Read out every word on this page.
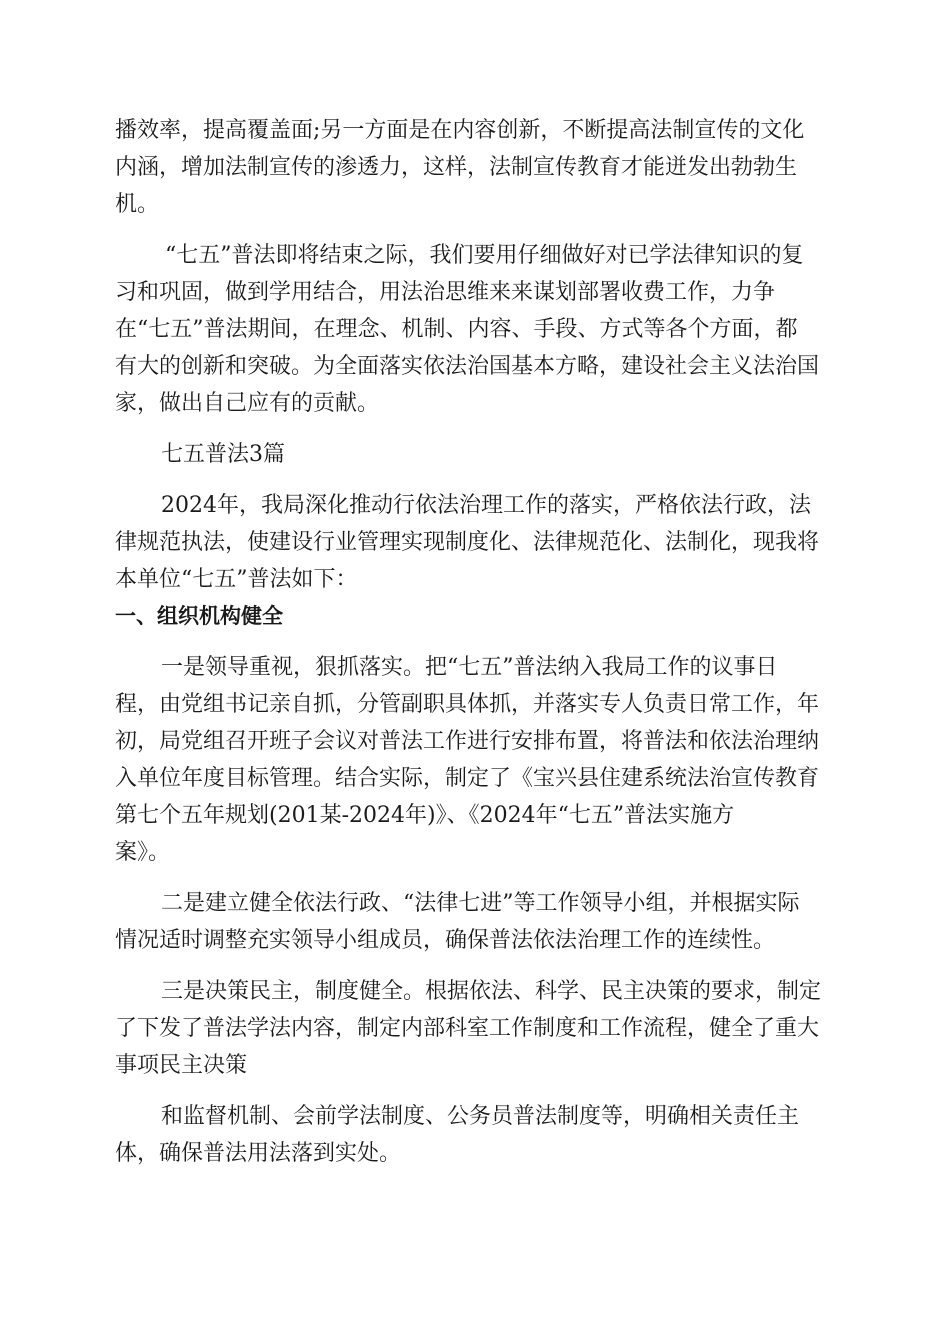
播效率，提高覆盖面;另一方面是在内容创新，不断提高法制宣传的文化
内涵，增加法制宣传的渗透力，这样，法制宣传教育才能迸发出勃勃生
机。

“七五”普法即将结束之际，我们要用仔细做好对已学法律知识的复
习和巩固，做到学用结合，用法治思维来来谋划部署收费工作，力争
在“七五”普法期间，在理念、机制、内容、手段、方式等各个方面，都
有大的创新和突破。为全面落实依法治国基本方略，建设社会主义法治国
家，做出自己应有的贡献。

七五普法3篇

2024年，我局深化推动行依法治理工作的落实，严格依法行政，法
律规范执法，使建设行业管理实现制度化、法律规范化、法制化，现我将
本单位“七五”普法如下：

一、组织机构健全

一是领导重视，狠抓落实。把“七五”普法纳入我局工作的议事日
程，由党组书记亲自抓，分管副职具体抓，并落实专人负责日常工作，年
初，局党组召开班子会议对普法工作进行安排布置，将普法和依法治理纳
入单位年度目标管理。结合实际，制定了《宝兴县住建系统法治宣传教育
第七个五年规划(201某-2024年)》、《2024年“七五”普法实施方
案》。

二是建立健全依法行政、“法律七进”等工作领导小组，并根据实际
情况适时调整充实领导小组成员，确保普法依法治理工作的连续性。

三是决策民主，制度健全。根据依法、科学、民主决策的要求，制定
了下发了普法学法内容，制定内部科室工作制度和工作流程，健全了重大
事项民主决策

和监督机制、会前学法制度、公务员普法制度等，明确相关责任主
体，确保普法用法落到实处。
